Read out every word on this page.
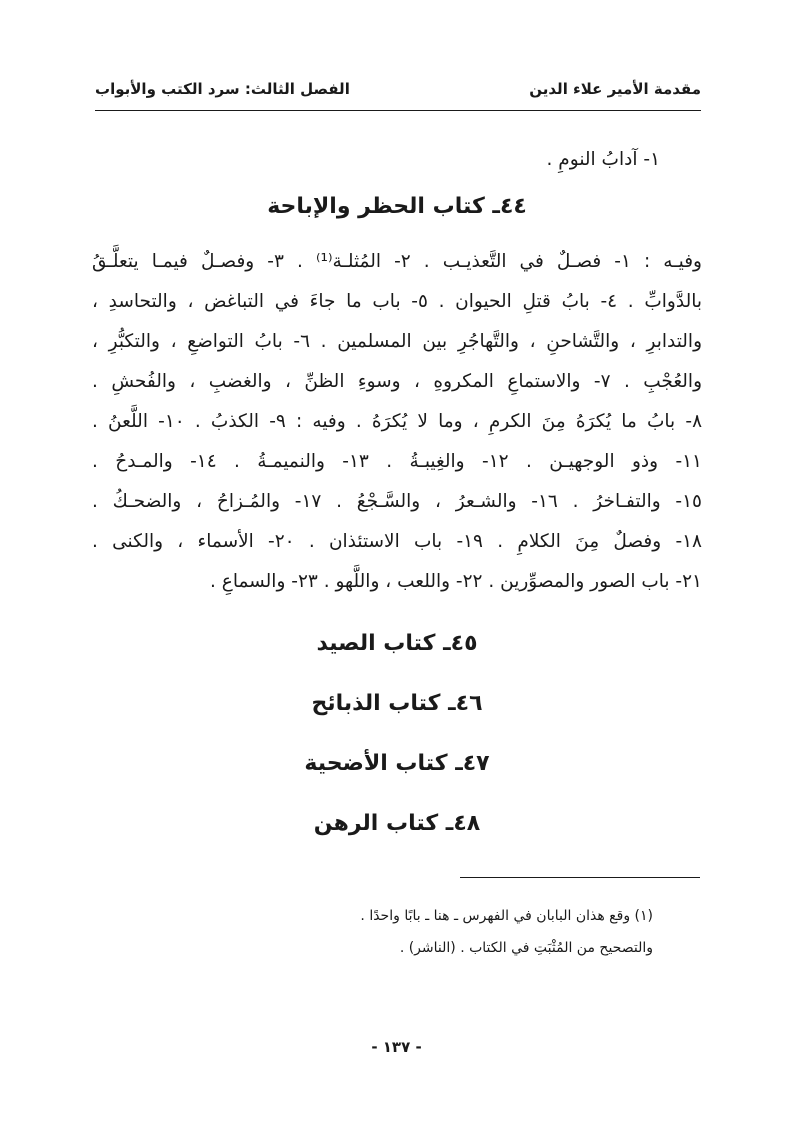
مقدمة الأمير علاء الدين
الفصل الثالث: سرد الكتب والأبواب
١- آدابُ النومِ .
٤٤ـ كتاب الحظر والإباحة
وفيـه : ١- فصـلٌ في التَّعذيـب . ٢- المُثلـة⁽¹⁾ . ٣- وفصـلٌ فيمـا يتعلَّـقُ
بالدَّوابِّ . ٤- بابُ قتلِ الحيوان . ٥- باب ما جاءَ في التباغض ، والتحاسدِ ،
والتدابرِ ، والتَّشاحنِ ، والتَّهاجُرِ بين المسلمين . ٦- بابُ التواضعِ ، والتكبُّرِ ،
والعُجْبِ . ٧- والاستماعِ المكروهِ ، وسوءِ الظنِّ ، والغضبِ ، والفُحشِ .
٨- بابُ ما يُكرَهُ مِنَ الكرمِ ، وما لا يُكرَهُ . وفيه : ٩- الكذبُ . ١٠- اللَّعنُ .
١١- وذو الوجهيـن . ١٢- والغِيبـةُ . ١٣- والنميمـةُ . ١٤- والمـدحُ .
١٥- والتفـاخرُ . ١٦- والشـعرُ ، والسَّـجْعُ . ١٧- والمُـزاحُ ، والضحـكُ .
١٨- وفصلٌ مِنَ الكلامِ . ١٩- باب الاستئذان . ٢٠- الأسماء ، والكنى .
٢١- باب الصور والمصوِّرين . ٢٢- واللعب ، واللَّهو . ٢٣- والسماعِ .
٤٥ـ كتاب الصيد
٤٦ـ كتاب الذبائح
٤٧ـ كتاب الأضحية
٤٨ـ كتاب الرهن
(١) وقع هذان البابان في الفهرس ـ هنا ـ بابًا واحدًا .
والتصحيح من المُثْبَتِ في الكتاب . (الناشر) .
- ١٣٧ -
